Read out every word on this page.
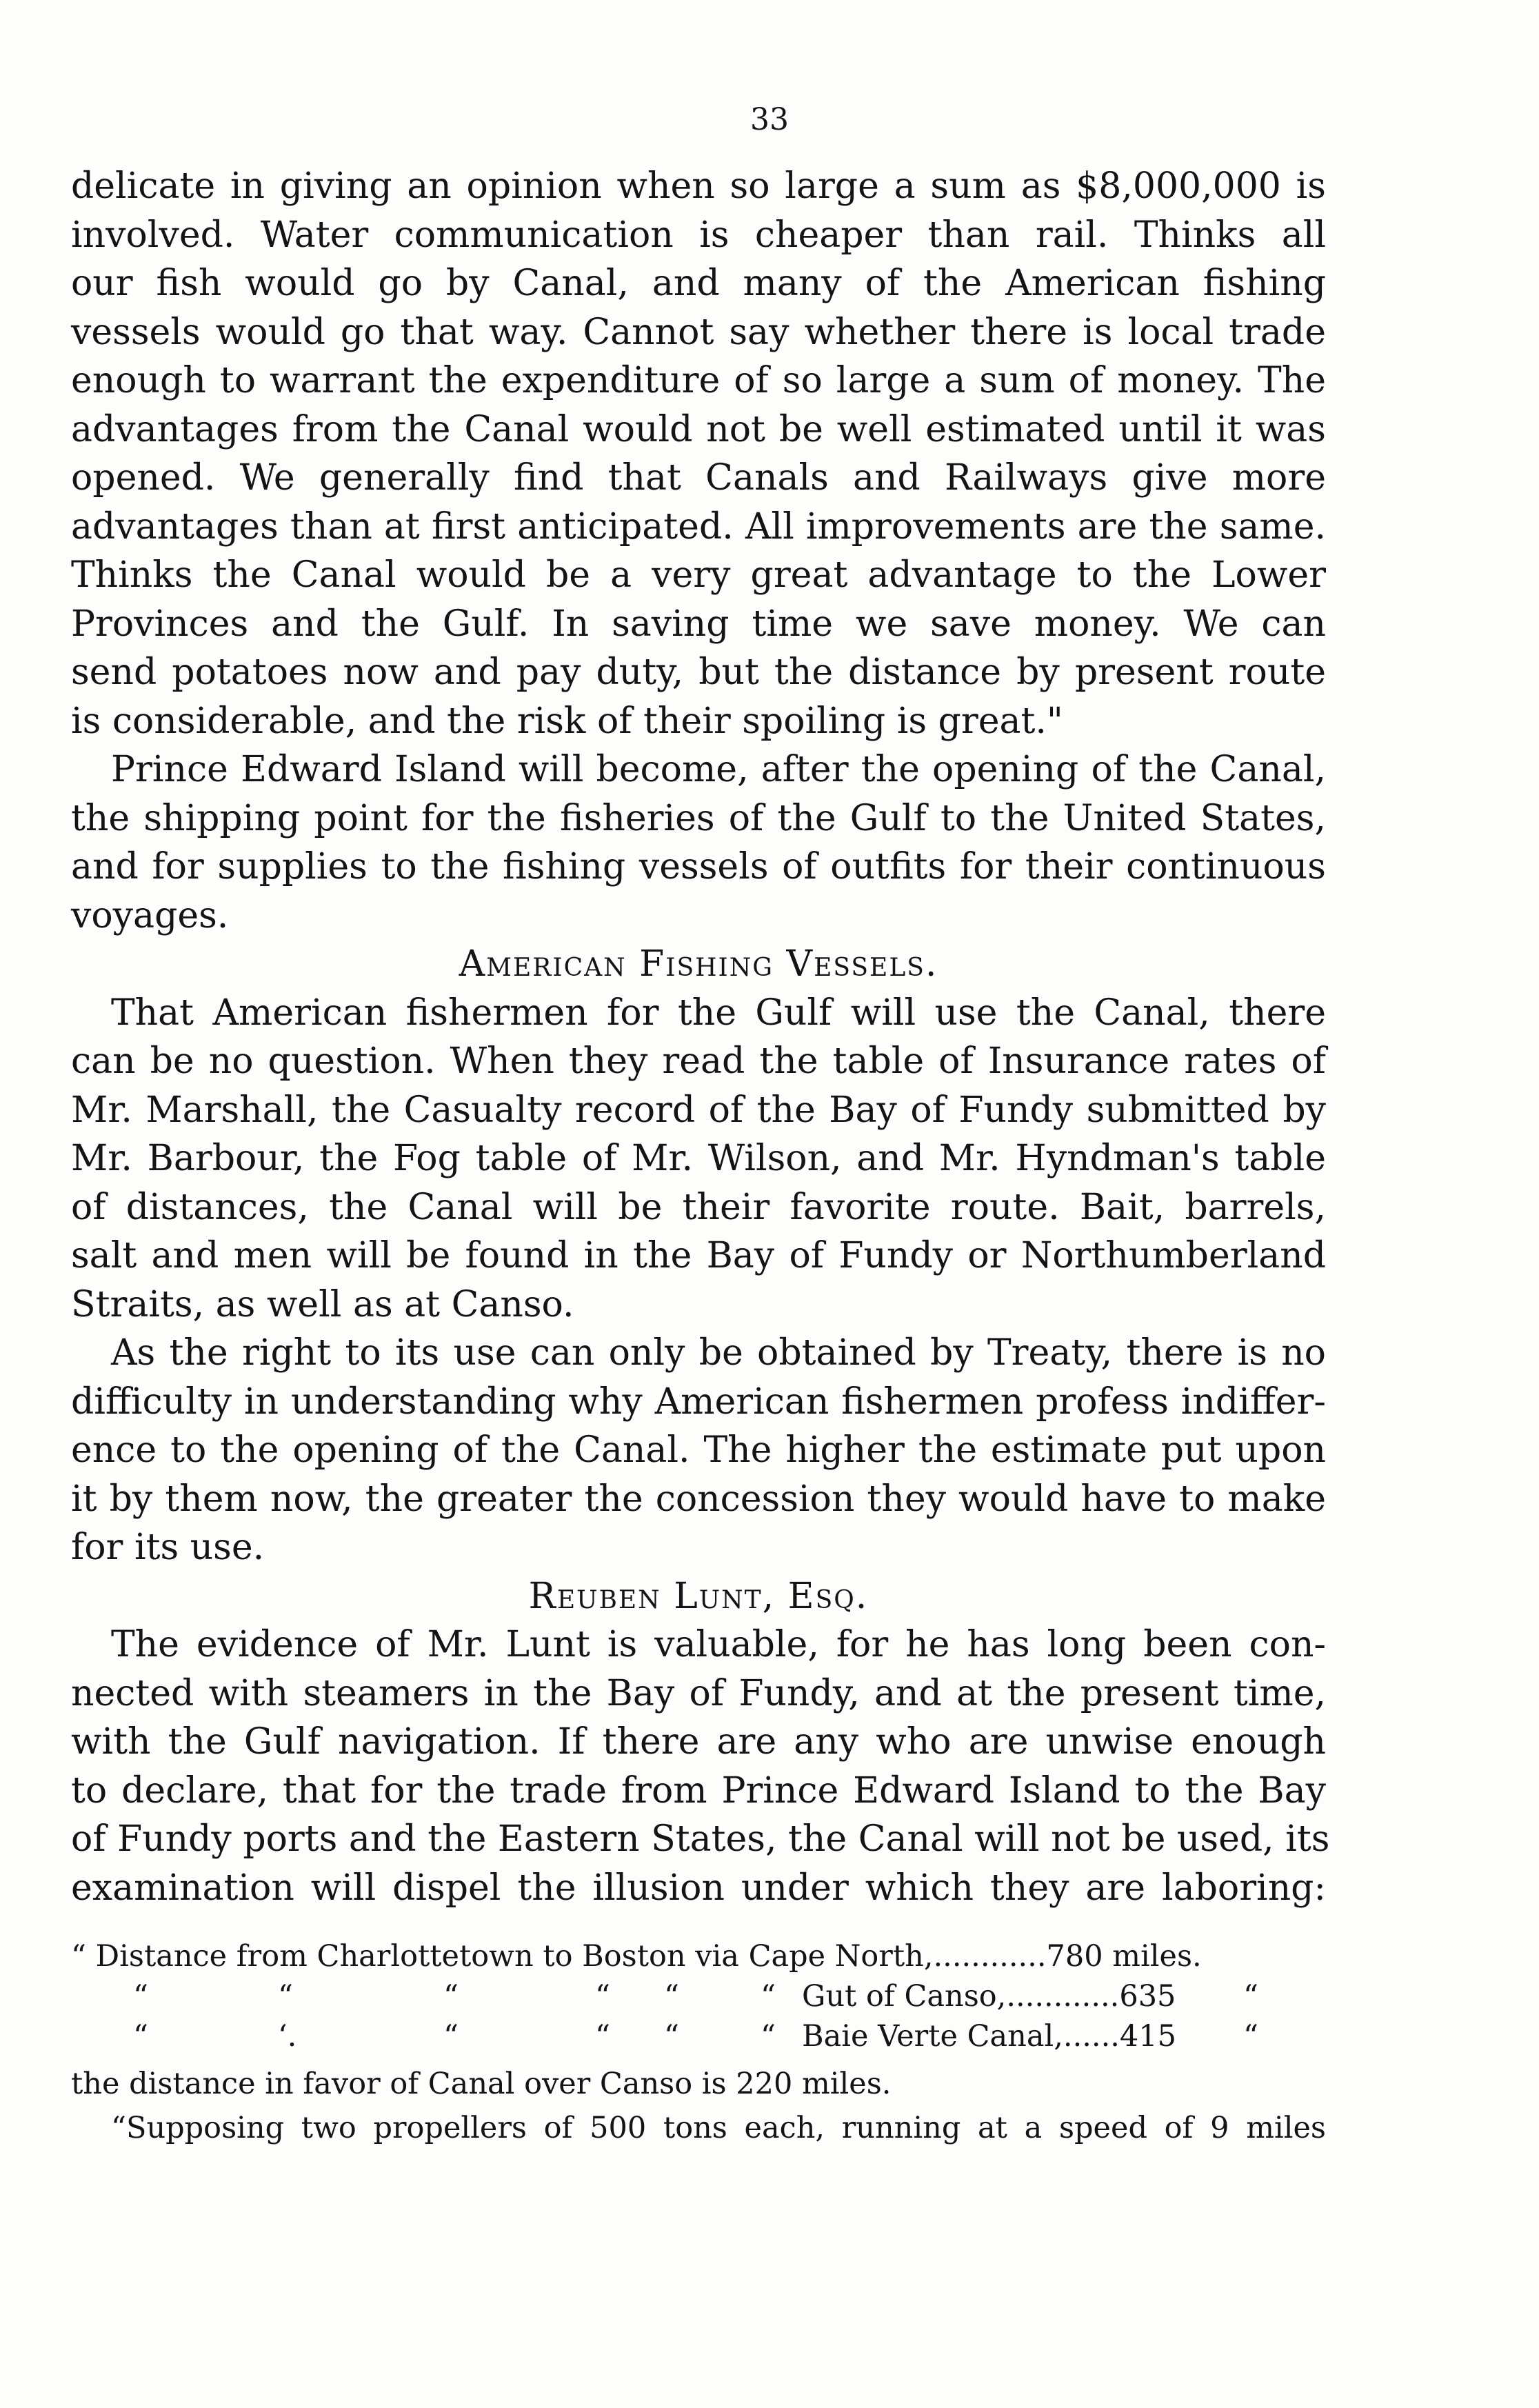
33
delicate in giving an opinion when so large a sum as $8,000,000 is
involved. Water communication is cheaper than rail. Thinks all
our fish would go by Canal, and many of the American fishing
vessels would go that way. Cannot say whether there is local trade
enough to warrant the expenditure of so large a sum of money. The
advantages from the Canal would not be well estimated until it was
opened. We generally find that Canals and Railways give more
advantages than at first anticipated. All improvements are the same.
Thinks the Canal would be a very great advantage to the Lower
Provinces and the Gulf. In saving time we save money. We can
send potatoes now and pay duty, but the distance by present route
is considerable, and the risk of their spoiling is great."
Prince Edward Island will become, after the opening of the Canal,
the shipping point for the fisheries of the Gulf to the United States,
and for supplies to the fishing vessels of outfits for their continuous
voyages.
American Fishing Vessels.
That American fishermen for the Gulf will use the Canal, there
can be no question. When they read the table of Insurance rates of
Mr. Marshall, the Casualty record of the Bay of Fundy submitted by
Mr. Barbour, the Fog table of Mr. Wilson, and Mr. Hyndman's table
of distances, the Canal will be their favorite route. Bait, barrels,
salt and men will be found in the Bay of Fundy or Northumberland
Straits, as well as at Canso.
As the right to its use can only be obtained by Treaty, there is no
difficulty in understanding why American fishermen profess indiffer-
ence to the opening of the Canal. The higher the estimate put upon
it by them now, the greater the concession they would have to make
for its use.
Reuben Lunt, Esq.
The evidence of Mr. Lunt is valuable, for he has long been con-
nected with steamers in the Bay of Fundy, and at the present time,
with the Gulf navigation. If there are any who are unwise enough
to declare, that for the trade from Prince Edward Island to the Bay
of Fundy ports and the Eastern States, the Canal will not be used, its
examination will dispel the illusion under which they are laboring:
“ Distance from Charlottetown to Boston via Cape North,............780 miles.
“	“	“	“ “	“ Gut of Canso,............635 “
“	‘.	“	“ “	“ Baie Verte Canal,......415 “
the distance in favor of Canal over Canso is 220 miles.
“Supposing two propellers of 500 tons each, running at a speed of 9 miles
